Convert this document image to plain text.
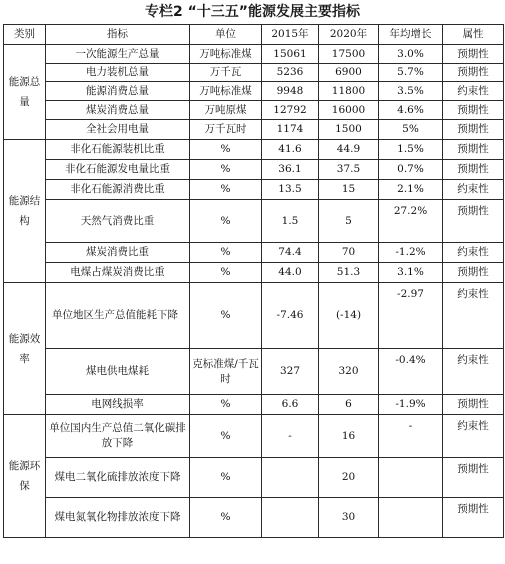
专栏2 “十三五”能源发展主要指标
类别	指标	单位	2015年	2020年	年均增长	属性
能源总量	一次能源生产总量	万吨标准煤	15061	17500	3.0%	预期性
	电力装机总量	万千瓦	5236	6900	5.7%	预期性
	能源消费总量	万吨标准煤	9948	11800	3.5%	约束性
	煤炭消费总量	万吨原煤	12792	16000	4.6%	预期性
	全社会用电量	万千瓦时	1174	1500	5%	预期性
能源结构	非化石能源装机比重	%	41.6	44.9	1.5%	预期性
	非化石能源发电量比重	%	36.1	37.5	0.7%	预期性
	非化石能源消费比重	%	13.5	15	2.1%	约束性
	天然气消费比重	%	1.5	5	27.2%	预期性
	煤炭消费比重	%	74.4	70	-1.2%	约束性
	电煤占煤炭消费比重	%	44.0	51.3	3.1%	预期性
能源效率	单位地区生产总值能耗下降	%	-7.46	(-14)	-2.97	约束性
	煤电供电煤耗	克标准煤/千瓦时	327	320	-0.4%	约束性
	电网线损率	%	6.6	6	-1.9%	预期性
能源环保	单位国内生产总值二氧化碳排放下降	%	-	16	-	约束性
	煤电二氧化硫排放浓度下降	%		20		预期性
	煤电氮氧化物排放浓度下降	%		30		预期性
